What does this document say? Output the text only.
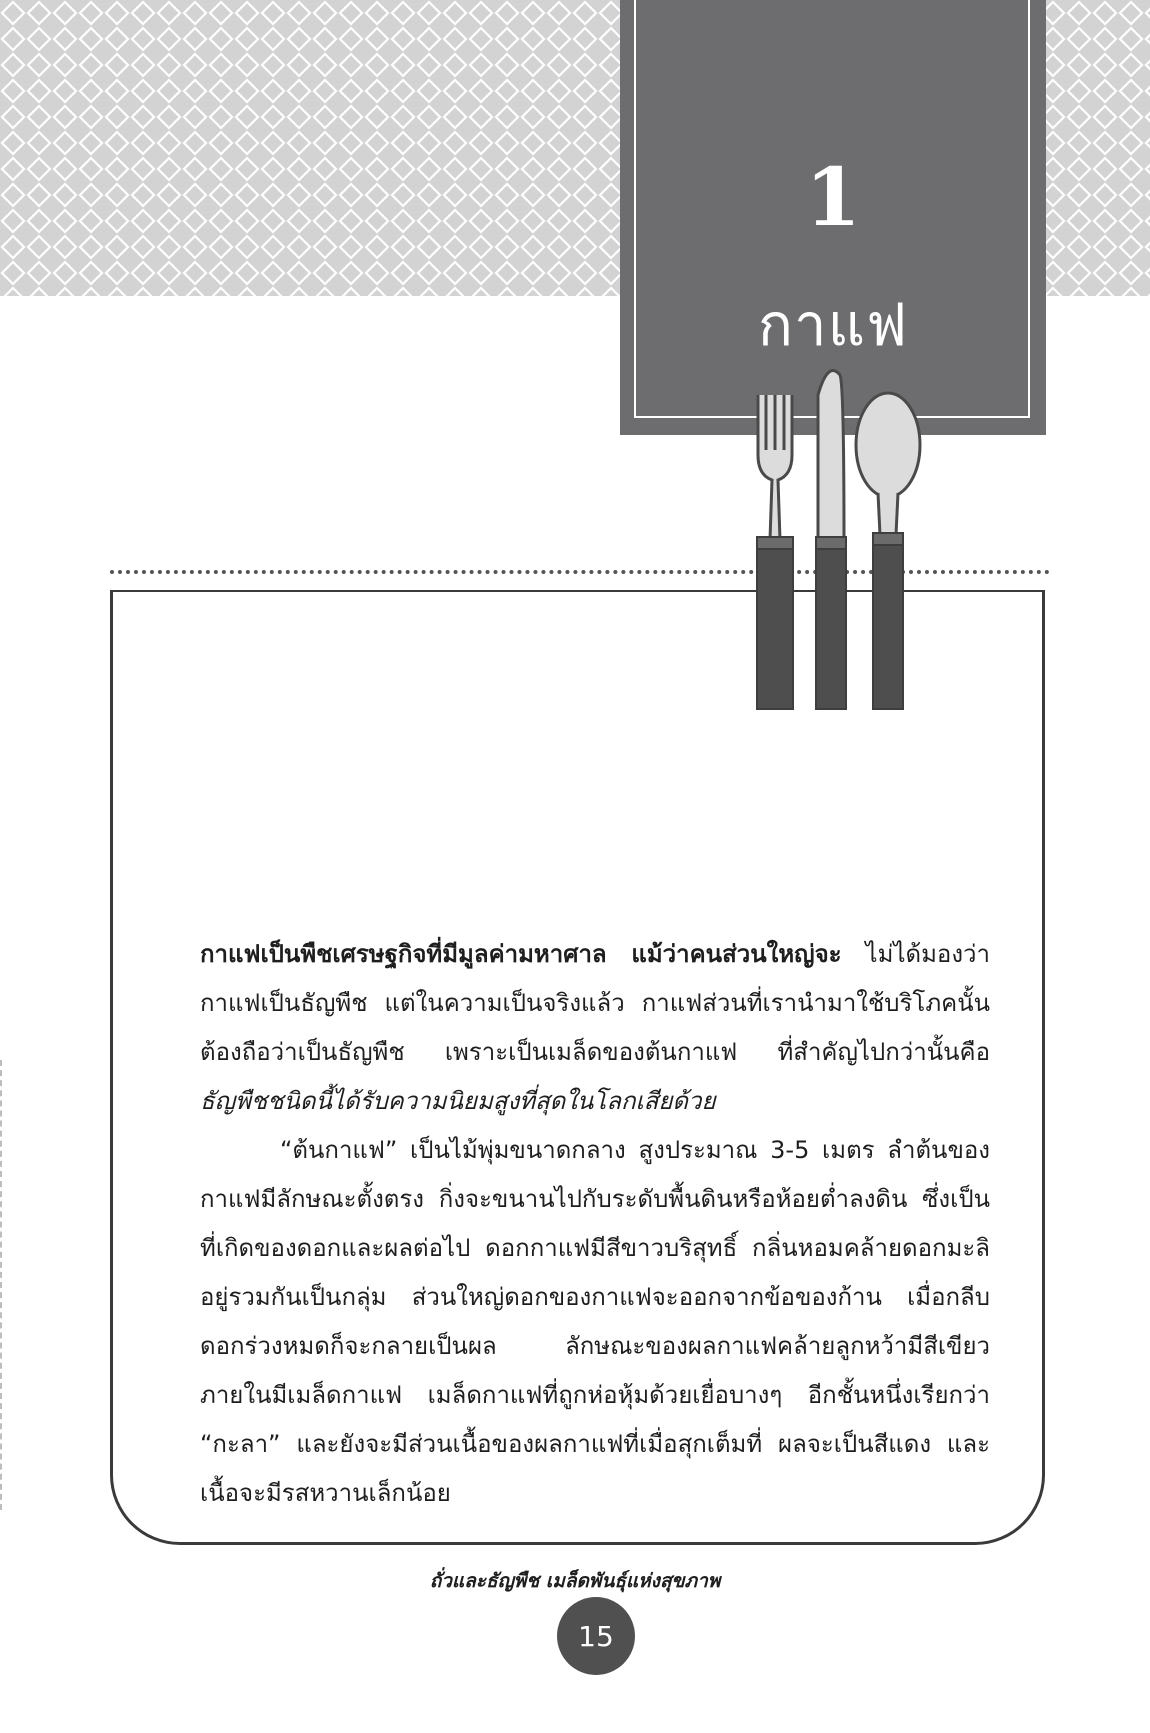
1
กาแฟ

กาแฟเป็นพืชเศรษฐกิจที่มีมูลค่ามหาศาล แม้ว่าคนส่วนใหญ่จะ ไม่ได้มองว่ากาแฟเป็นธัญพืช แต่ในความเป็นจริงแล้ว กาแฟส่วนที่เรานำมาใช้บริโภคนั้น ต้องถือว่าเป็นธัญพืช เพราะเป็นเมล็ดของต้นกาแฟ ที่สำคัญไปกว่านั้นคือ ธัญพืชชนิดนี้ได้รับความนิยมสูงที่สุดในโลกเสียด้วย

“ต้นกาแฟ” เป็นไม้พุ่มขนาดกลาง สูงประมาณ 3-5 เมตร ลำต้นของกาแฟมีลักษณะตั้งตรง กิ่งจะขนานไปกับระดับพื้นดินหรือห้อยต่ำลงดิน ซึ่งเป็นที่เกิดของดอกและผลต่อไป ดอกกาแฟมีสีขาวบริสุทธิ์ กลิ่นหอมคล้ายดอกมะลิ อยู่รวมกันเป็นกลุ่ม ส่วนใหญ่ดอกของกาแฟจะออกจากข้อของก้าน เมื่อกลีบดอกร่วงหมดก็จะกลายเป็นผล ลักษณะของผลกาแฟคล้ายลูกหว้ามีสีเขียว ภายในมีเมล็ดกาแฟ เมล็ดกาแฟที่ถูกห่อหุ้มด้วยเยื่อบางๆ อีกชั้นหนึ่งเรียกว่า “กะลา” และยังจะมีส่วนเนื้อของผลกาแฟที่เมื่อสุกเต็มที่ ผลจะเป็นสีแดง และเนื้อจะมีรสหวานเล็กน้อย

ถั่วและธัญพืช เมล็ดพันธุ์แห่งสุขภาพ
15
